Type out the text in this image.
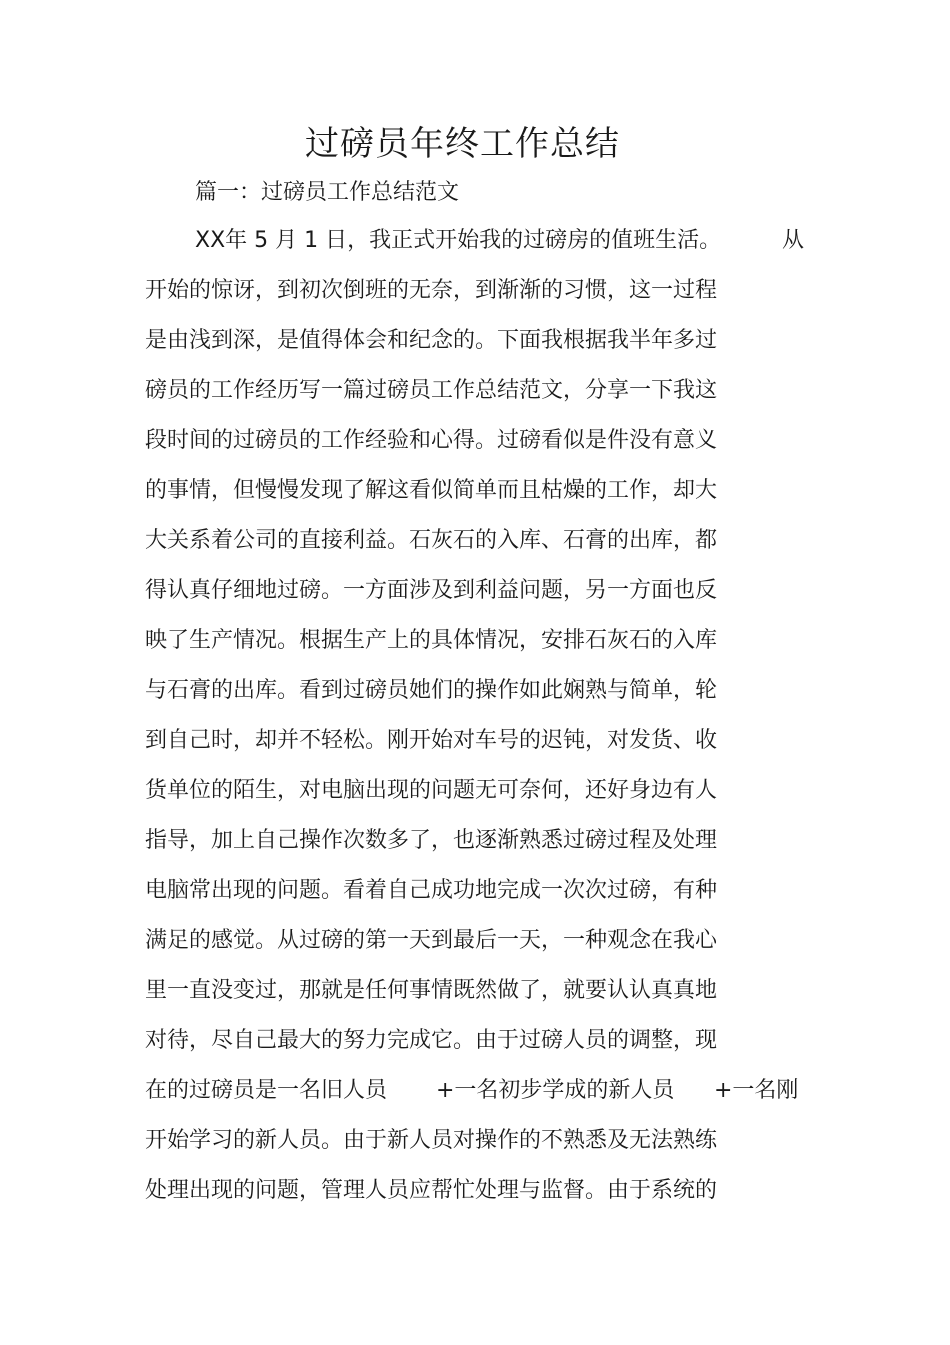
过磅员年终工作总结

篇一：过磅员工作总结范文

XX年 5 月 1 日，我正式开始我的过磅房的值班生活。	从

开始的惊讶，到初次倒班的无奈，到渐渐的习惯，这一过程

是由浅到深，是值得体会和纪念的。下面我根据我半年多过

磅员的工作经历写一篇过磅员工作总结范文，分享一下我这

段时间的过磅员的工作经验和心得。过磅看似是件没有意义

的事情，但慢慢发现了解这看似简单而且枯燥的工作，却大

大关系着公司的直接利益。石灰石的入库、石膏的出库，都

得认真仔细地过磅。一方面涉及到利益问题，另一方面也反

映了生产情况。根据生产上的具体情况，安排石灰石的入库

与石膏的出库。看到过磅员她们的操作如此娴熟与简单，轮

到自己时，却并不轻松。刚开始对车号的迟钝，对发货、收

货单位的陌生，对电脑出现的问题无可奈何，还好身边有人

指导，加上自己操作次数多了，也逐渐熟悉过磅过程及处理

电脑常出现的问题。看着自己成功地完成一次次过磅，有种

满足的感觉。从过磅的第一天到最后一天，一种观念在我心

里一直没变过，那就是任何事情既然做了，就要认认真真地

对待，尽自己最大的努力完成它。由于过磅人员的调整，现

在的过磅员是一名旧人员 +一名初步学成的新人员 +一名刚

开始学习的新人员。由于新人员对操作的不熟悉及无法熟练

处理出现的问题，管理人员应帮忙处理与监督。由于系统的
